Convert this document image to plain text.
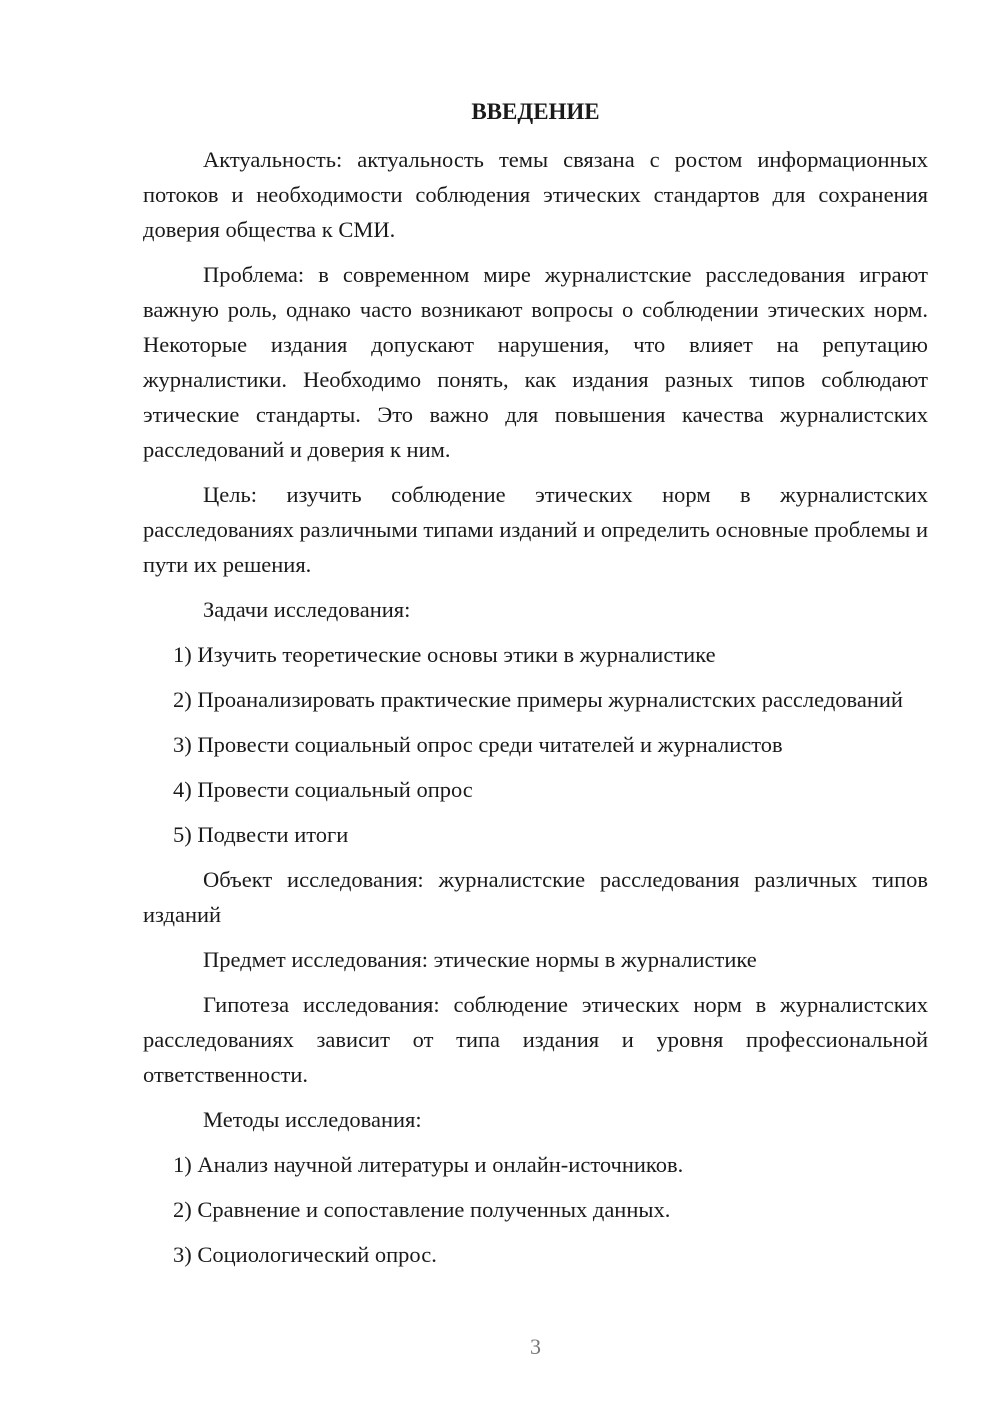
ВВЕДЕНИЕ

Актуальность: актуальность темы связана с ростом информационных потоков и необходимости соблюдения этических стандартов для сохранения доверия общества к СМИ.

Проблема: в современном мире журналистские расследования играют важную роль, однако часто возникают вопросы о соблюдении этических норм. Некоторые издания допускают нарушения, что влияет на репутацию журналистики. Необходимо понять, как издания разных типов соблюдают этические стандарты. Это важно для повышения качества журналистских расследований и доверия к ним.

Цель: изучить соблюдение этических норм в журналистских расследованиях различными типами изданий и определить основные проблемы и пути их решения.

Задачи исследования:

1) Изучить теоретические основы этики в журналистике

2) Проанализировать практические примеры журналистских расследований

3) Провести социальный опрос среди читателей и журналистов

4) Провести социальный опрос

5) Подвести итоги

Объект исследования: журналистские расследования различных типов изданий

Предмет исследования: этические нормы в журналистике

Гипотеза исследования: соблюдение этических норм в журналистских расследованиях зависит от типа издания и уровня профессиональной ответственности.

Методы исследования:

1) Анализ научной литературы и онлайн-источников.

2) Сравнение и сопоставление полученных данных.

3) Социологический опрос.

3
